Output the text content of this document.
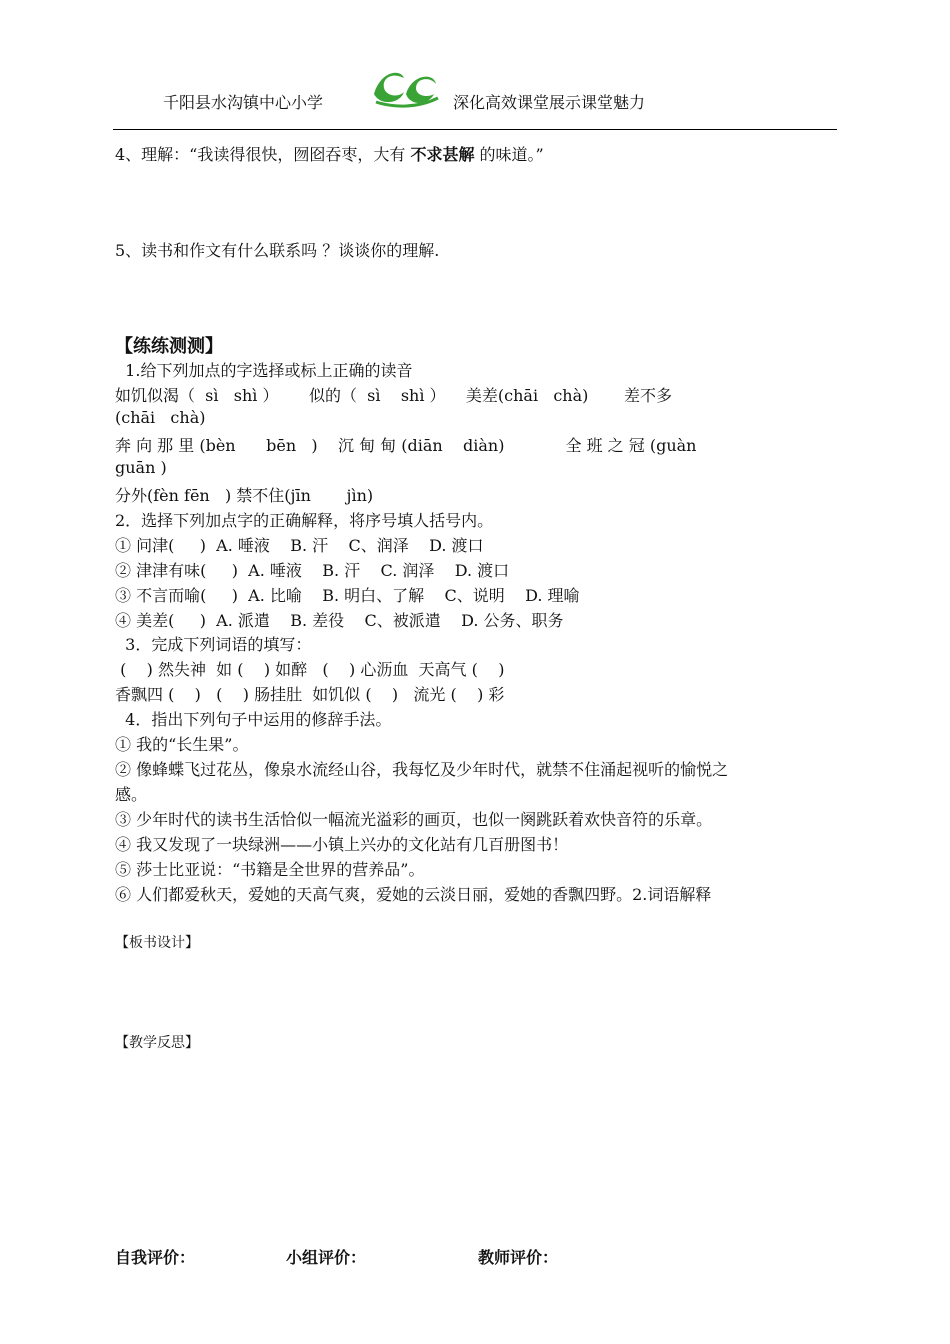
千阳县水沟镇中心小学	深化高效课堂展示课堂魅力
4、理解：“我读得很快，囫囵吞枣，大有 不求甚解 的味道。”
5、读书和作文有什么联系吗 ？谈谈你的理解.
【练练测测】
1.给下列加点的字选择或标上正确的读音
如饥似渴（  sì   shì ）      似的（  sì    shì ）    美差(chāi   chà)       差不多
(chāi   chà)
奔 向 那 里 (bèn      bēn   )    沉 甸 甸 (diān    diàn)            全 班 之 冠 (guàn
guān )
分外(fèn fēn   ) 禁不住(jīn       jìn)
2．选择下列加点字的正确解释，将序号填人括号内。
① 问津(     )  A. 唾液    B. 汗    C、润泽    D. 渡口
② 津津有味(     )  A. 唾液    B. 汗    C. 润泽    D. 渡口
③ 不言而喻(     )  A. 比喻    B. 明白、了解    C、说明    D. 理喻
④ 美差(     )  A. 派遣    B. 差役    C、被派遣    D. 公务、职务
3．完成下列词语的填写：
(    ) 然失神  如 (    ) 如醉   (    ) 心沥血  天高气 (    )
香飘四 (    )   (    ) 肠挂肚  如饥似 (    )   流光 (    ) 彩
4．指出下列句子中运用的修辞手法。
① 我的“长生果”。
② 像蜂蝶飞过花丛，像泉水流经山谷，我每忆及少年时代，就禁不住涌起视听的愉悦之
感。
③ 少年时代的读书生活恰似一幅流光溢彩的画页，也似一阕跳跃着欢快音符的乐章。
④ 我又发现了一块绿洲——小镇上兴办的文化站有几百册图书！
⑤ 莎士比亚说：“书籍是全世界的营养品”。
⑥ 人们都爱秋天，爱她的天高气爽，爱她的云淡日丽，爱她的香飘四野。2.词语解释
【板书设计】
【教学反思】
自我评价：	小组评价：	教师评价：
